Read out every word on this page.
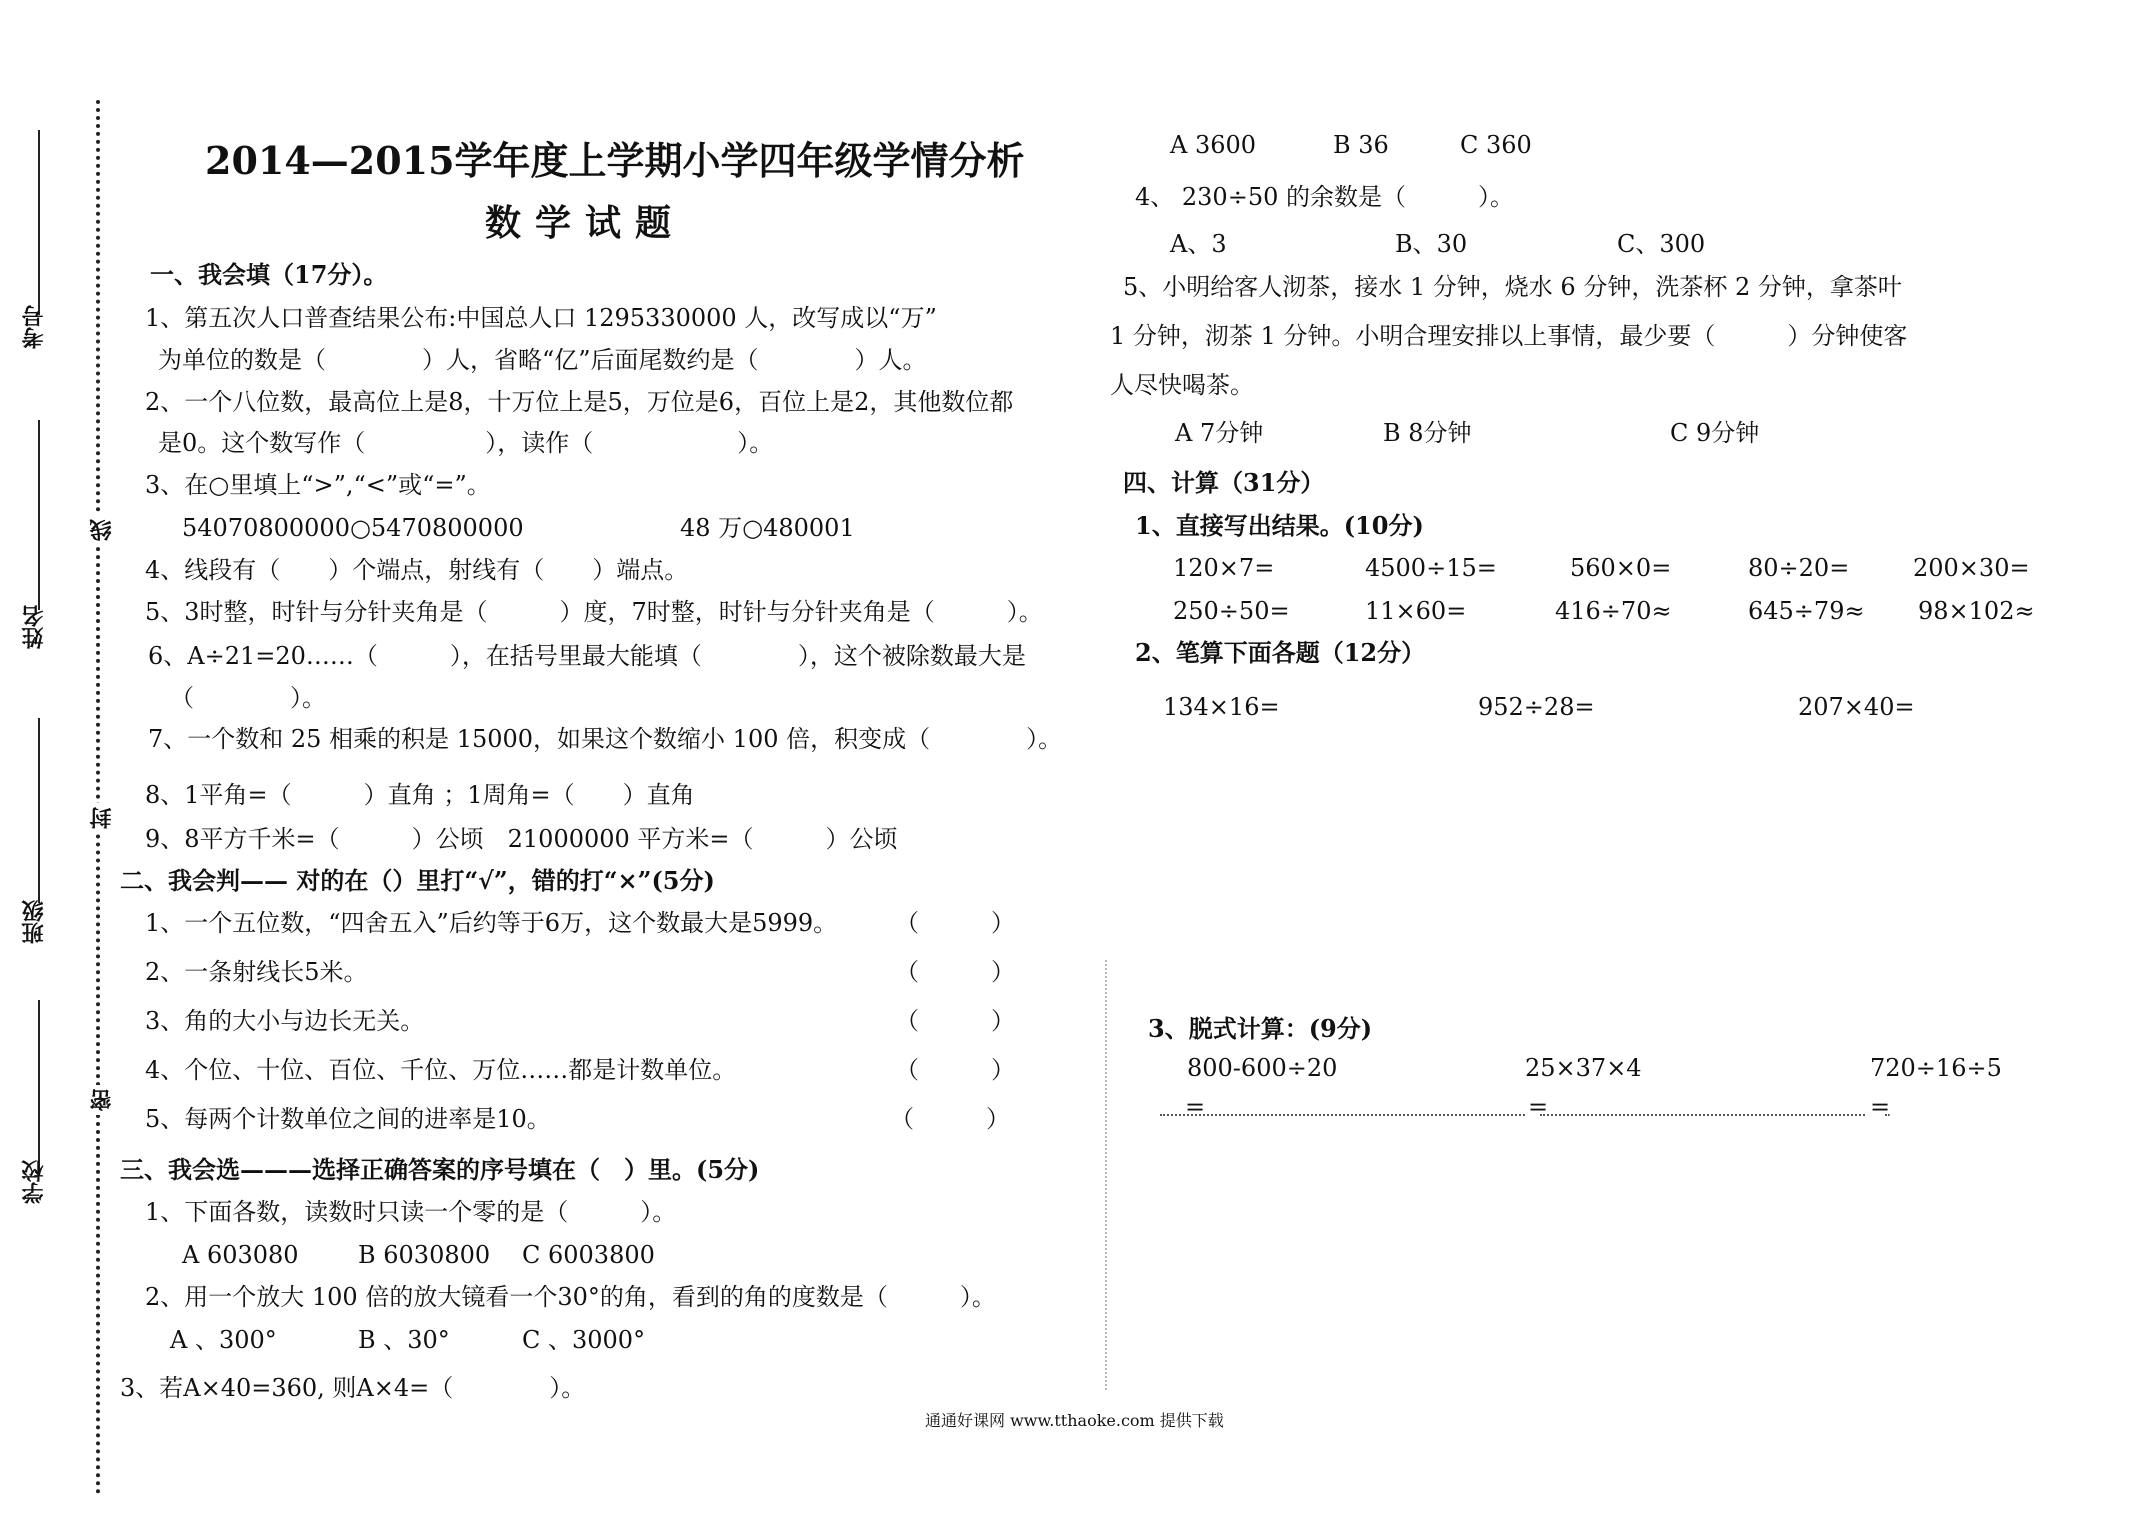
考号
姓名
班级
学校
线
封
密
2014—2015学年度上学期小学四年级学情分析
数学试题
一、我会填（17分）。
1、第五次人口普查结果公布:中国总人口 1295330000 人，改写成以“万”
为单位的数是（　　　　）人，省略“亿”后面尾数约是（　　　　）人。
2、一个八位数，最高位上是8，十万位上是5，万位是6，百位上是2，其他数位都
是0。这个数写作（　　　　　），读作（　　　　　　）。
3、在○里填上“>”,“<”或“=”。
54070800000○5470800000	48 万○480001
4、线段有（　　）个端点，射线有（　　）端点。
5、3时整，时针与分针夹角是（　　　）度，7时整，时针与分针夹角是（　　　）。
6、A÷21=20……（　　　），在括号里最大能填（　　　　），这个被除数最大是
（　　　　）。
7、一个数和 25 相乘的积是 15000，如果这个数缩小 100 倍，积变成（　　　　）。
8、1平角=（　　　）直角 ；1周角=（　　）直角
9、8平方千米=（　　　）公顷　21000000 平方米=（　　　）公顷
二、我会判—— 对的在（）里打“√”，错的打“×”(5分)
1、一个五位数，“四舍五入”后约等于6万，这个数最大是5999。 （　　　）
2、一条射线长5米。	（　　　）
3、角的大小与边长无关。	（　　　）
4、个位、十位、百位、千位、万位……都是计数单位。	（　　　）
5、每两个计数单位之间的进率是10。	（　　　）
三、我会选———选择正确答案的序号填在（　）里。(5分)
1、下面各数，读数时只读一个零的是（　　　）。
A 603080 B 6030800 C 6003800
2、用一个放大 100 倍的放大镜看一个30°的角，看到的角的度数是（　　　）。
A 、300°	B 、30°	C 、3000°
3、若A×40=360, 则A×4=（　　　　）。
A 3600	B 36	C 360
4、 230÷50 的余数是（　　　）。
A、3	B、30	C、300
5、小明给客人沏茶，接水 1 分钟，烧水 6 分钟，洗茶杯 2 分钟，拿茶叶
1 分钟，沏茶 1 分钟。小明合理安排以上事情，最少要（　　　）分钟使客
人尽快喝茶。
A 7分钟	B 8分钟	C 9分钟
四、计算（31分）
1、直接写出结果。(10分)
120×7=	4500÷15=	560×0=	80÷20=	200×30=
250÷50=	11×60=	416÷70≈	645÷79≈ 98×102≈
2、笔算下面各题（12分）
134×16=	952÷28=	207×40=
3、脱式计算：(9分)
800-600÷20	25×37×4	720÷16÷5
=	=	=
通通好课网 www.tthaoke.com 提供下载
